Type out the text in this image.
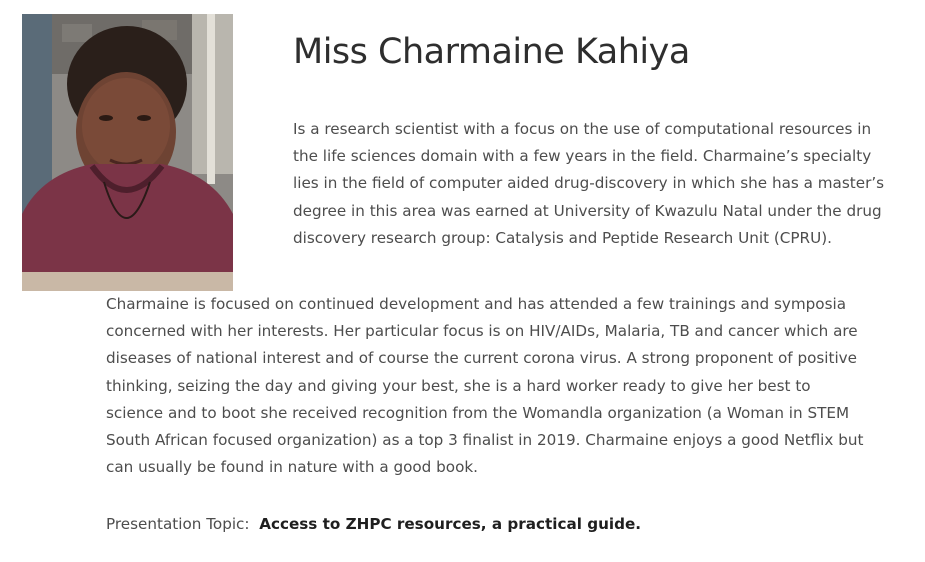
Miss Charmaine Kahiya

Is a research scientist with a focus on the use of computational resources in
the life sciences domain with a few years in the field. Charmaine’s specialty
lies in the field of computer aided drug-discovery in which she has a master’s
degree in this area was earned at University of Kwazulu Natal under the drug
discovery research group: Catalysis and Peptide Research Unit (CPRU).

Charmaine is focused on continued development and has attended a few trainings and symposia
concerned with her interests. Her particular focus is on HIV/AIDs, Malaria, TB and cancer which are
diseases of national interest and of course the current corona virus. A strong proponent of positive
thinking, seizing the day and giving your best, she is a hard worker ready to give her best to
science and to boot she received recognition from the Womandla organization (a Woman in STEM
South African focused organization) as a top 3 finalist in 2019. Charmaine enjoys a good Netflix but
can usually be found in nature with a good book.

Presentation Topic: Access to ZHPC resources, a practical guide.
